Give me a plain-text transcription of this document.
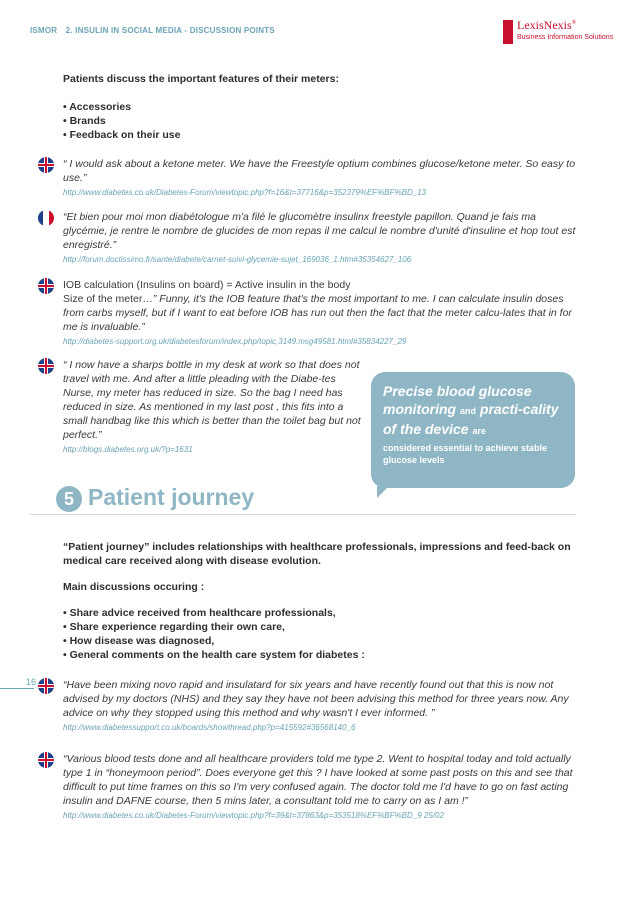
ISMOR 2. INSULIN IN SOCIAL MEDIA - DISCUSSION POINTS	LexisNexis®
Business Information Solutions
Patients discuss the important features of their meters:
• Accessories
• Brands
• Feedback on their use
“ I would ask about a ketone meter. We have the Freestyle optium combines glucose/ketone meter. So easy to use.”
http://www.diabetes.co.uk/Diabetes-Forum/viewtopic.php?f=16&t=37716&p=352379%EF%BF%BD_13
“Et bien pour moi mon diabétologue m'a filé le glucomètre insulinx freestyle papillon. Quand je fais ma glycémie, je rentre le nombre de glucides de mon repas il me calcul le nombre d'unité d'insuline et hop tout est enregistré.”
http://forum.doctissimo.fr/sante/diabete/carnet-suivi-glycemie-sujet_169036_1.htm#35354627_106
IOB calculation (Insulins on board) = Active insulin in the body
Size of the meter…” Funny, it's the IOB feature that's the most important to me. I can calculate insulin doses from carbs myself, but if I want to eat before IOB has run out then the fact that the meter calcu-lates that in for me is invaluable.”
http://diabetes-support.org.uk/diabetesforum/index.php/topic,3149.msg49581.html#35834227_29
“ I now have a sharps bottle in my desk at work so that does not travel with me. And after a little pleading with the Diabe-tes Nurse, my meter has reduced in size. So the bag I need has reduced in size. As mentioned in my last post , this fits into a small handbag like this which is better than the toilet bag but not perfect.”
http://blogs.diabetes.org.uk/?p=1631
Precise blood glucose monitoring and practi-cality of the device are
considered essential to achieve stable glucose levels
5 Patient journey
“Patient journey” includes relationships with healthcare professionals, impressions and feed-back on medical care received along with disease evolution.
Main discussions occuring :
• Share advice received from healthcare professionals,
• Share experience regarding their own care,
• How disease was diagnosed,
• General comments on the health care system for diabetes :
16	“Have been mixing novo rapid and insulatard for six years and have recently found out that this is now not advised by my doctors (NHS) and they say they have not been advising this method for three years now. Any advice on why they stopped using this method and why wasn't I ever informed. ”
http://www.diabetessupport.co.uk/boards/showthread.php?p=415592#36568140_6
“Various blood tests done and all healthcare providers told me type 2. Went to hospital today and told actually type 1 in “honeymoon period”. Does everyone get this ? I have looked at some past posts on this and see that difficult to put time frames on this so I'm very confused again. The doctor told me I'd have to go on fast acting insulin and DAFNE course, then 5 mins later, a consultant told me to carry on as I am !”
http://www.diabetes.co.uk/Diabetes-Forum/viewtopic.php?f=39&t=37863&p=353518%EF%BF%BD_9 25/02
